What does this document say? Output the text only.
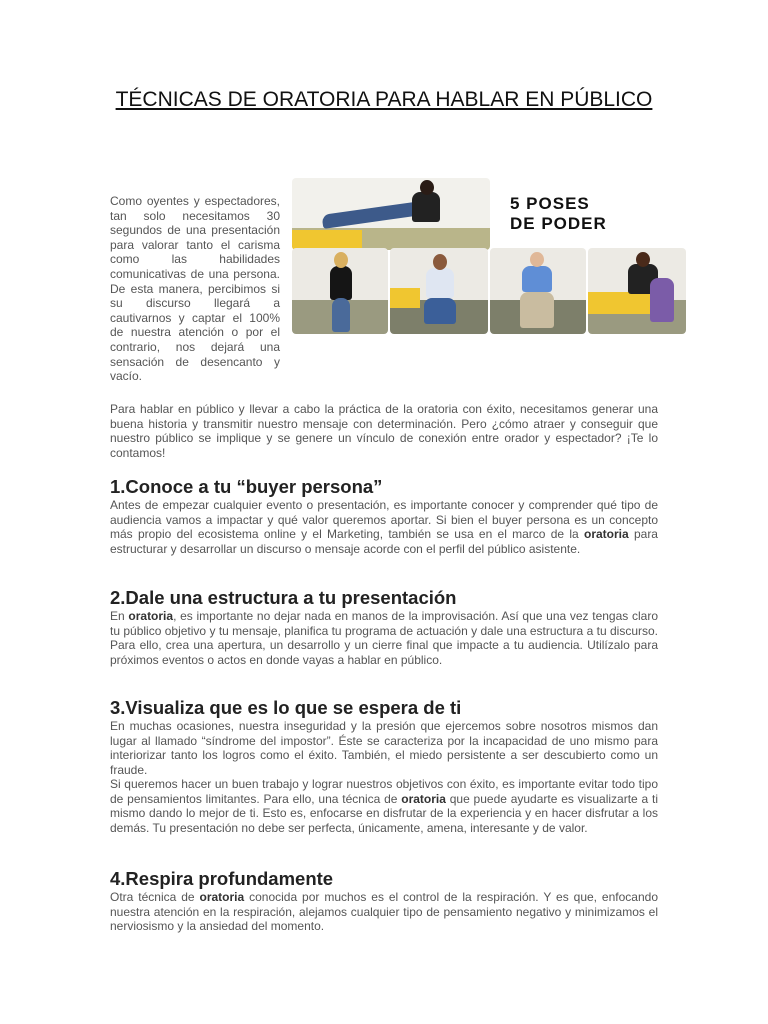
TÉCNICAS DE ORATORIA PARA HABLAR EN PÚBLICO

Como oyentes y espectadores, tan solo necesitamos 30 segundos de una presentación para valorar tanto el carisma como las habilidades comunicativas de una persona. De esta manera, percibimos si su discurso llegará a cautivarnos y captar el 100% de nuestra atención o por el contrario, nos dejará una sensación de desencanto y vacío.

5 POSES
DE PODER

Para hablar en público y llevar a cabo la práctica de la oratoria con éxito, necesitamos generar una buena historia y transmitir nuestro mensaje con determinación. Pero ¿cómo atraer y conseguir que nuestro público se implique y se genere un vínculo de conexión entre orador y espectador? ¡Te lo contamos!

1.Conoce a tu “buyer persona”

Antes de empezar cualquier evento o presentación, es importante conocer y comprender qué tipo de audiencia vamos a impactar y qué valor queremos aportar. Si bien el buyer persona es un concepto más propio del ecosistema online y el Marketing, también se usa en el marco de la oratoria para estructurar y desarrollar un discurso o mensaje acorde con el perfil del público asistente.

2.Dale una estructura a tu presentación

En oratoria, es importante no dejar nada en manos de la improvisación. Así que una vez tengas claro tu público objetivo y tu mensaje, planifica tu programa de actuación y dale una estructura a tu discurso. Para ello, crea una apertura, un desarrollo y un cierre final que impacte a tu audiencia. Utilízalo para próximos eventos o actos en donde vayas a hablar en público.

3.Visualiza que es lo que se espera de ti

En muchas ocasiones, nuestra inseguridad y la presión que ejercemos sobre nosotros mismos dan lugar al llamado “síndrome del impostor”. Éste se caracteriza por la incapacidad de uno mismo para interiorizar tanto los logros como el éxito. También, el miedo persistente a ser descubierto como un fraude.

Si queremos hacer un buen trabajo y lograr nuestros objetivos con éxito, es importante evitar todo tipo de pensamientos limitantes. Para ello, una técnica de oratoria que puede ayudarte es visualizarte a ti mismo dando lo mejor de ti. Esto es, enfocarse en disfrutar de la experiencia y en hacer disfrutar a los demás. Tu presentación no debe ser perfecta, únicamente, amena, interesante y de valor.

4.Respira profundamente

Otra técnica de oratoria conocida por muchos es el control de la respiración. Y es que, enfocando nuestra atención en la respiración, alejamos cualquier tipo de pensamiento negativo y minimizamos el nerviosismo y la ansiedad del momento.
